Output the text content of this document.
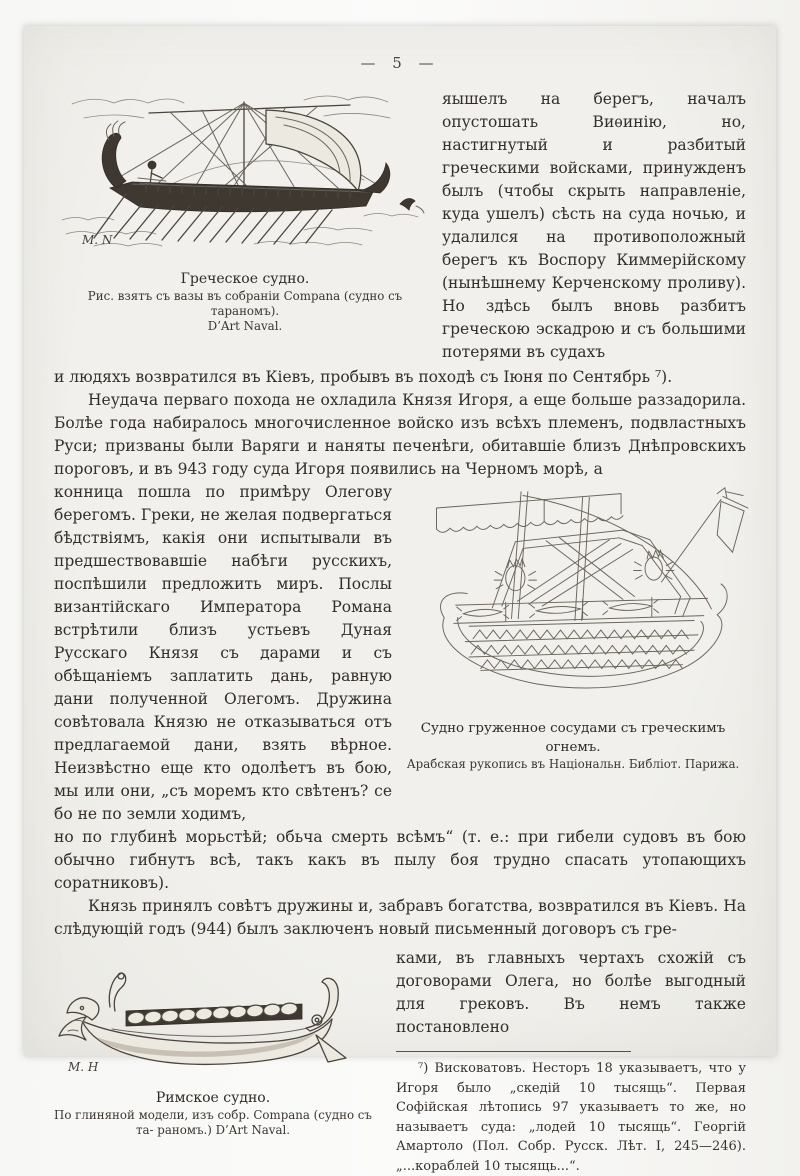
— 5 —
M. N
Греческое судно.
Рис. взятъ съ вазы въ собраніи Compana (судно съ тараномъ).
D’Art Naval.
яышелъ на берегъ, началъ опустошать Виѳинію, но, настигнутый и разбитый греческими войсками, принужденъ былъ (чтобы скрыть направленіе, куда ушелъ) сѣсть на суда ночью, и удалился на противоположный берегъ къ Воспору Киммерійскому (нынѣшнему Керченскому проливу). Но здѣсь былъ вновь разбитъ греческою эскадрою и съ большими потерями въ судахъ
и людяхъ возвратился въ Кіевъ, пробывъ въ походѣ съ Іюня по Сентябрь ⁷).

Неудача перваго похода не охладила Князя Игоря, а еще больше раззадорила. Болѣе года набиралось многочисленное войско изъ всѣхъ племенъ, подвластныхъ Руси; призваны были Варяги и наняты печенѣги, обитавшіе близъ Днѣпровскихъ пороговъ, и въ 943 году суда Игоря появились на Черномъ морѣ, а

конница пошла по примѣру Олегову берегомъ. Греки, не желая подвергаться бѣдствіямъ, какія они испытывали въ предшествовавшіе набѣги русскихъ, поспѣшили предложить миръ. Послы византійскаго Императора Романа встрѣтили близъ устьевъ Дуная Русскаго Князя съ дарами и съ обѣщаніемъ заплатить дань, равную дани полученной Олегомъ. Дружина совѣтовала Князю не отказываться отъ предлагаемой дани, взять вѣрное. Неизвѣстно еще кто одолѣетъ въ бою, мы или они, „съ моремъ кто свѣтенъ? се бо не по земли ходимъ,
Судно груженное сосудами съ греческимъ огнемъ.
Арабская рукопись въ Національн. Библіот. Парижа.
но по глубинѣ морьстѣй; обьча смерть всѣмъ“ (т. е.: при гибели судовъ въ бою обычно гибнутъ всѣ, такъ какъ въ пылу боя трудно спасать утопающихъ соратниковъ).

Князь принялъ совѣтъ дружины и, забравъ богатства, возвратился въ Кіевъ. На слѣдующій годъ (944) былъ заключенъ новый письменный договоръ съ гре-

M. H
Римское судно.
По глиняной модели, изъ собр. Compana (судно съ та- раномъ.) D’Art Naval.
ками, въ главныхъ чертахъ схожій съ договорами Олега, но болѣе выгодный для грековъ. Въ немъ также постановлено
⁷) Висковатовъ. Несторъ 18 указываетъ, что у Игоря было „скедій 10 тысящь“. Первая Софійская лѣтопись 97 указываетъ то же, но называетъ суда: „лодей 10 тысящь“. Георгій Амартоло (Пол. Собр. Русск. Лѣт. I, 245—246). „...кораблей 10 тысящь...“.
